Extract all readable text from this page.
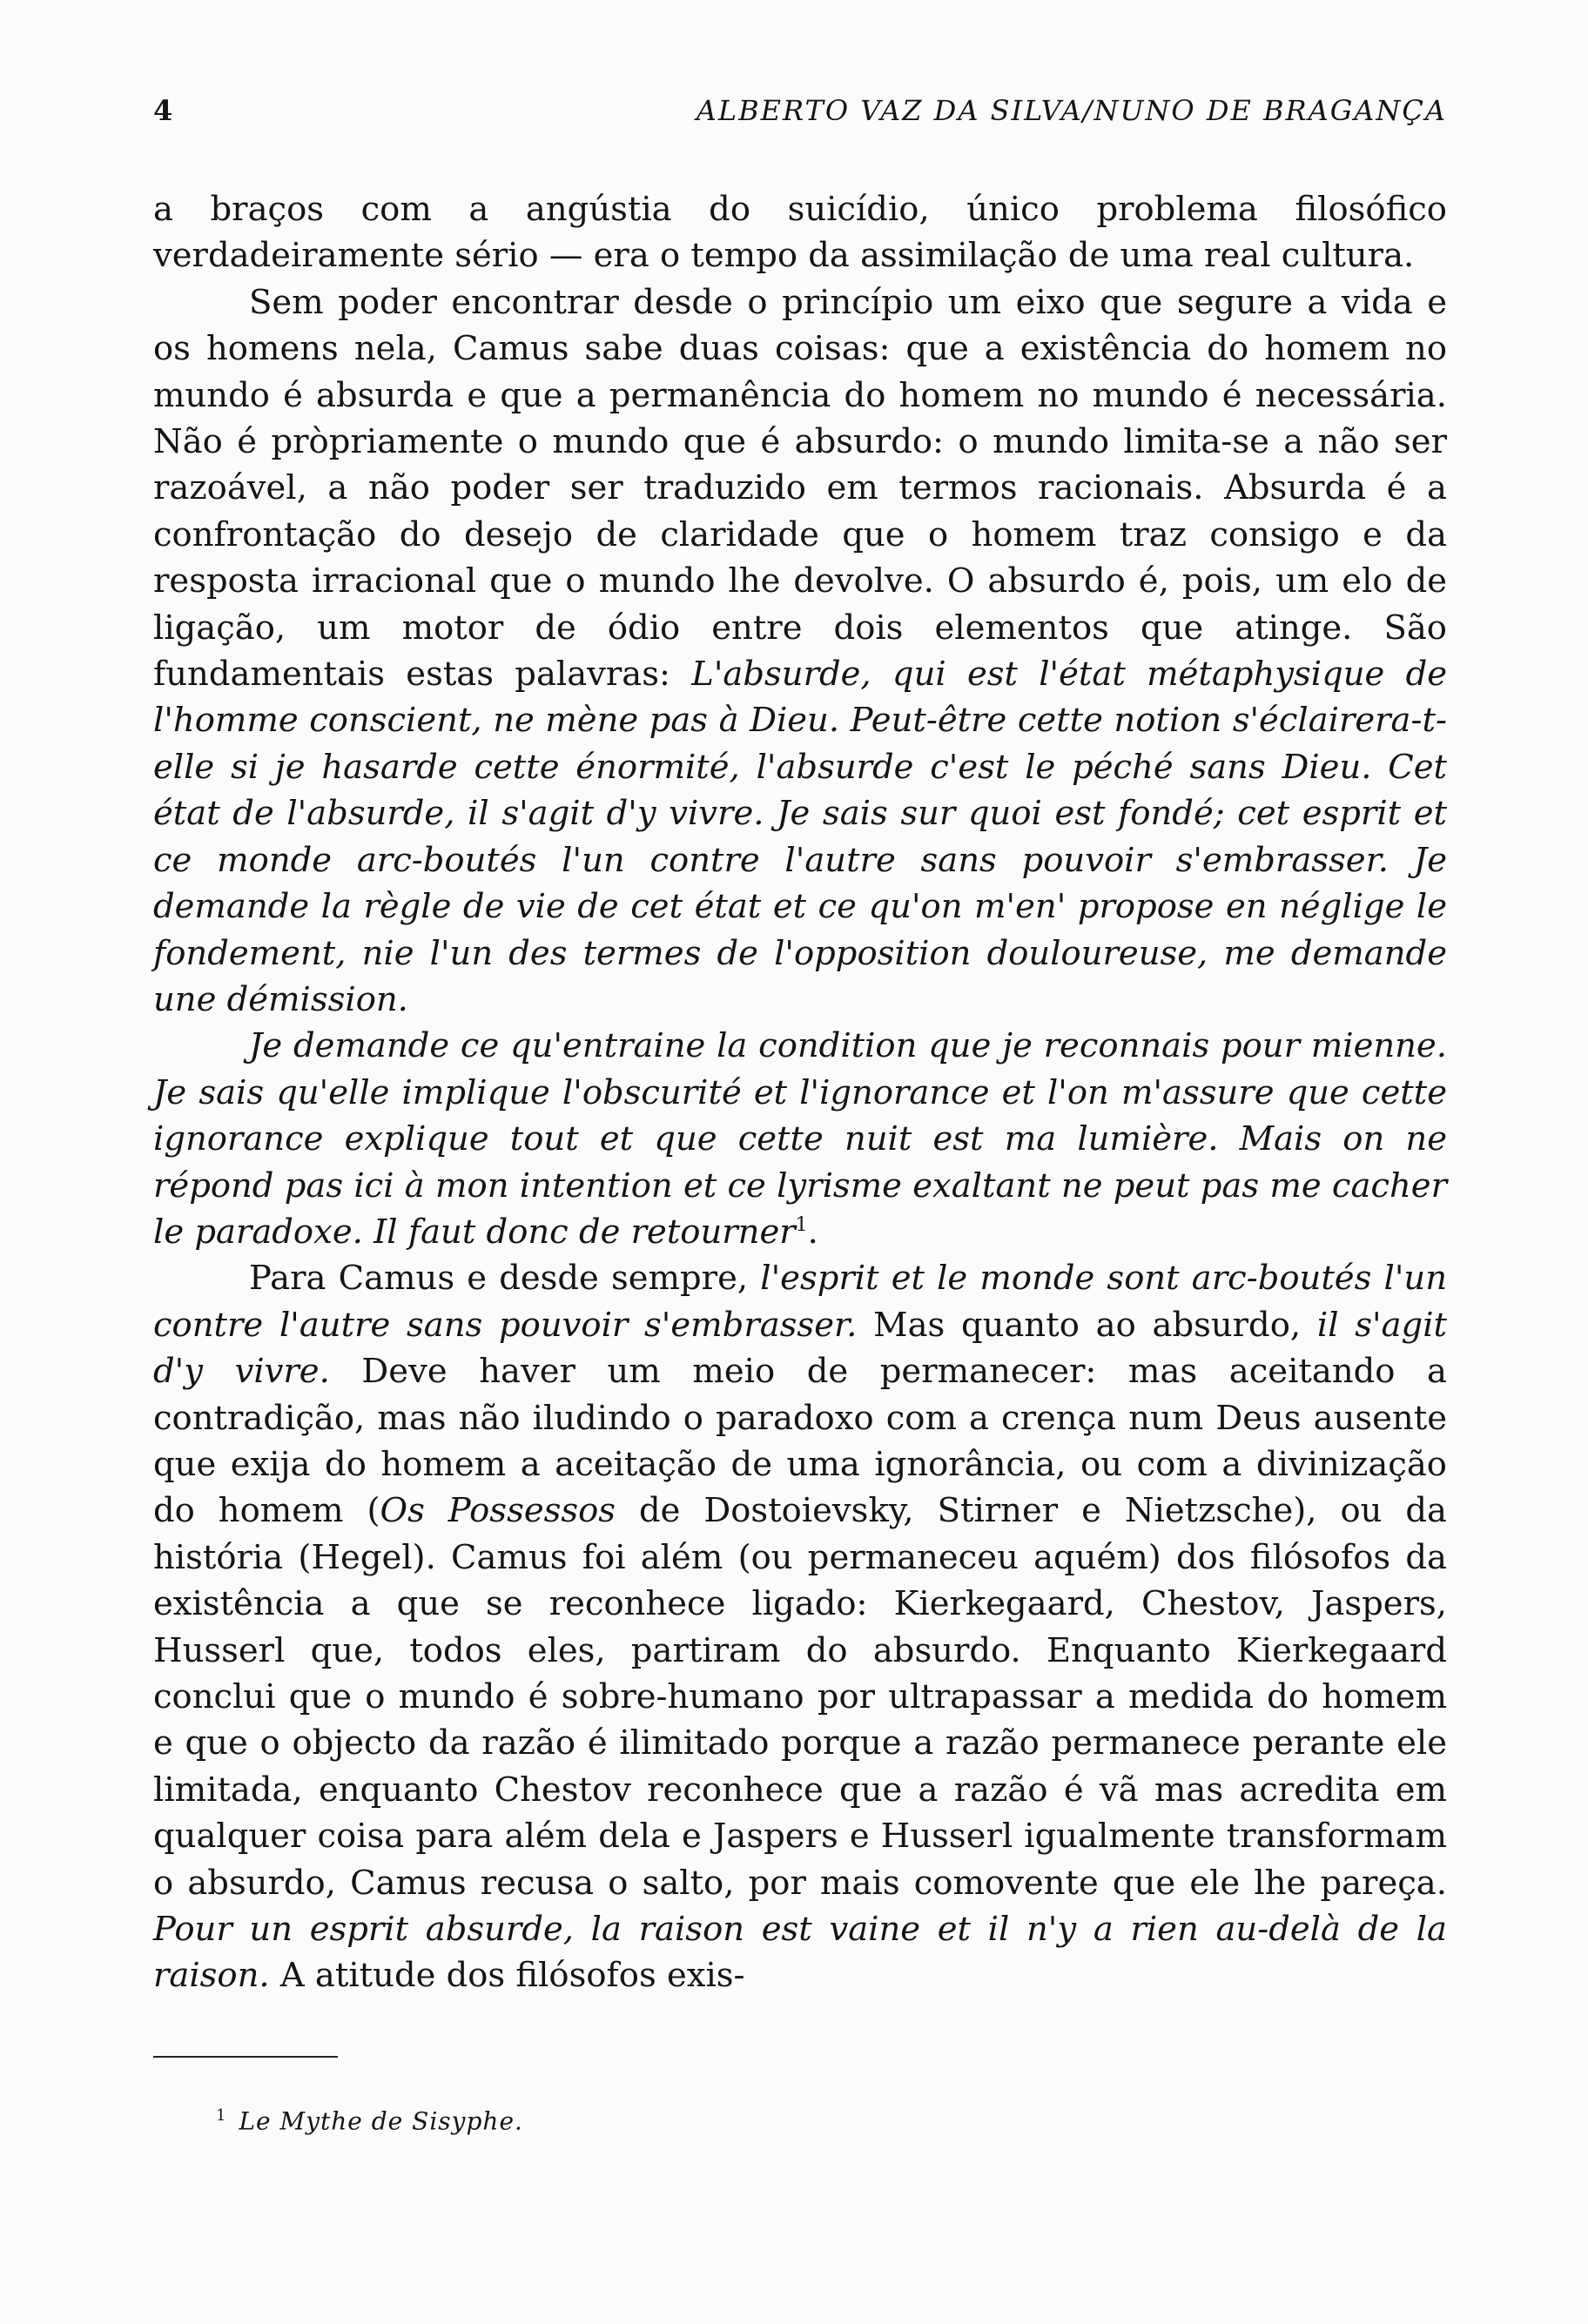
4	ALBERTO VAZ DA SILVA/NUNO DE BRAGANÇA

a braços com a angústia do suicídio, único problema filosófico verdadeiramente sério — era o tempo da assimilação de uma real cultura.

Sem poder encontrar desde o princípio um eixo que segure a vida e os homens nela, Camus sabe duas coisas: que a existência do homem no mundo é absurda e que a permanência do homem no mundo é necessária. Não é pròpriamente o mundo que é absurdo: o mundo limita-se a não ser razoável, a não poder ser traduzido em termos racionais. Absurda é a confrontação do desejo de claridade que o homem traz consigo e da resposta irracional que o mundo lhe devolve. O absurdo é, pois, um elo de ligação, um motor de ódio entre dois elementos que atinge. São fundamentais estas palavras: L'absurde, qui est l'état métaphysique de l'homme conscient, ne mène pas à Dieu. Peut-être cette notion s'éclairera-t-elle si je hasarde cette énormité, l'absurde c'est le péché sans Dieu. Cet état de l'absurde, il s'agit d'y vivre. Je sais sur quoi est fondé; cet esprit et ce monde arc-boutés l'un contre l'autre sans pouvoir s'embrasser. Je demande la règle de vie de cet état et ce qu'on m'en' propose en néglige le fondement, nie l'un des termes de l'opposition douloureuse, me demande une démission.

Je demande ce qu'entraine la condition que je reconnais pour mienne. Je sais qu'elle implique l'obscurité et l'ignorance et l'on m'assure que cette ignorance explique tout et que cette nuit est ma lumière. Mais on ne répond pas ici à mon intention et ce lyrisme exaltant ne peut pas me cacher le paradoxe. Il faut donc de retourner$^1$.

Para Camus e desde sempre, l'esprit et le monde sont arc-boutés l'un contre l'autre sans pouvoir s'embrasser. Mas quanto ao absurdo, il s'agit d'y vivre. Deve haver um meio de permanecer: mas aceitando a contradição, mas não iludindo o paradoxo com a crença num Deus ausente que exija do homem a aceitação de uma ignorância, ou com a divinização do homem (Os Possessos de Dostoievsky, Stirner e Nietzsche), ou da história (Hegel). Camus foi além (ou permaneceu aquém) dos filósofos da existência a que se reconhece ligado: Kierkegaard, Chestov, Jaspers, Husserl que, todos eles, partiram do absurdo. Enquanto Kierkegaard conclui que o mundo é sobre-humano por ultrapassar a medida do homem e que o objecto da razão é ilimitado porque a razão permanece perante ele limitada, enquanto Chestov reconhece que a razão é vã mas acredita em qualquer coisa para além dela e Jaspers e Husserl igualmente transformam o absurdo, Camus recusa o salto, por mais comovente que ele lhe pareça. Pour un esprit absurde, la raison est vaine et il n'y a rien au-delà de la raison. A atitude dos filósofos exis-

$^1$ Le Mythe de Sisyphe.
